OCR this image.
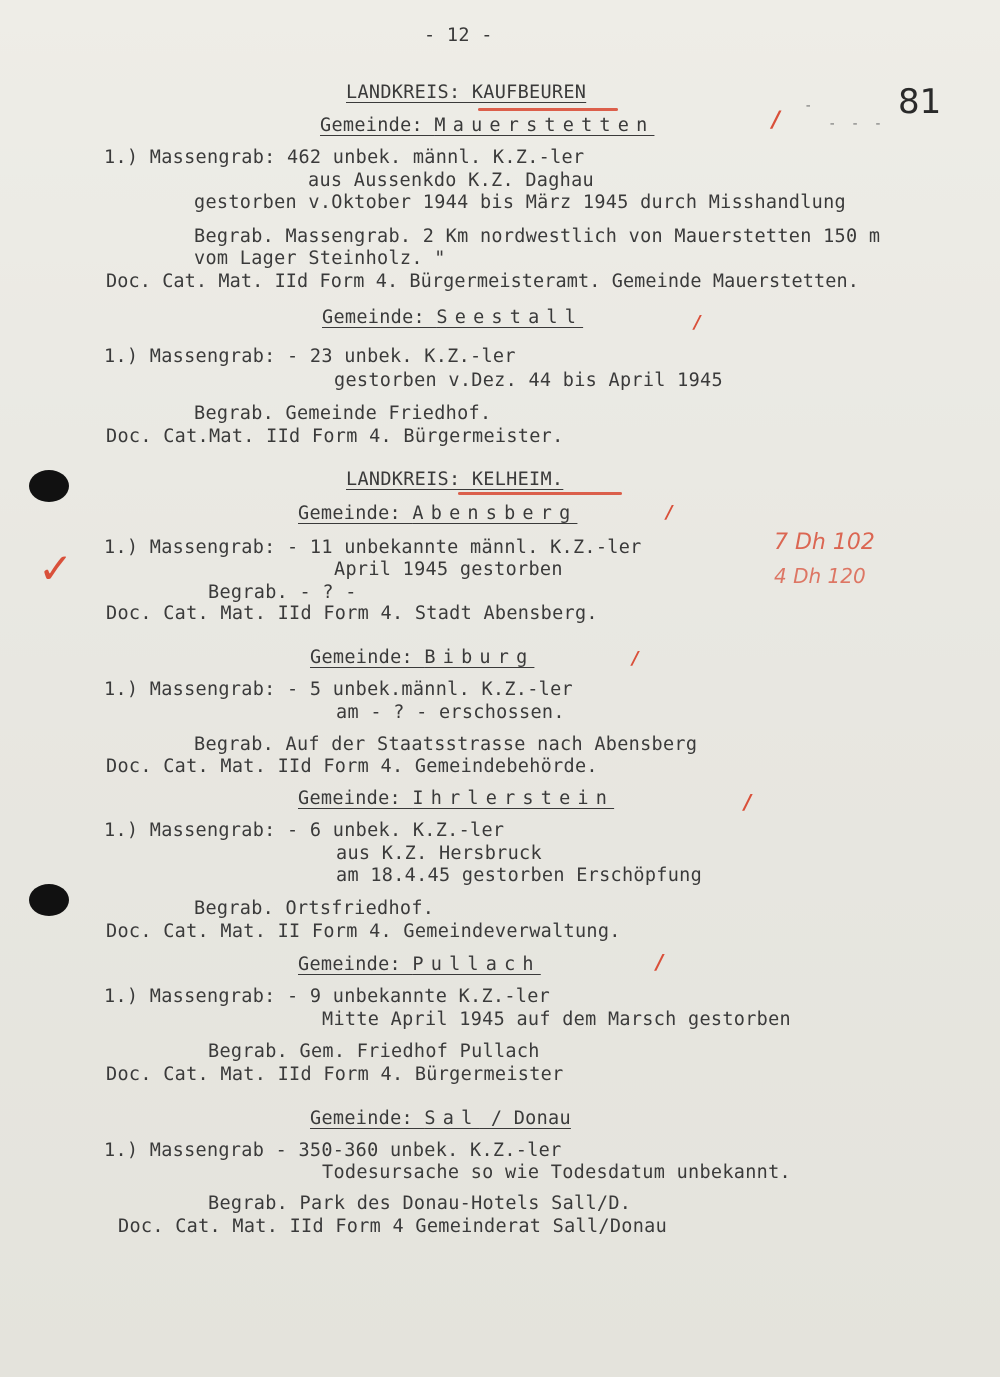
- 12 -
81
-
- - -
LANDKREIS: KAUFBEUREN
Gemeinde: Mauerstetten	/
1.) Massengrab: 462 unbek. männl. K.Z.-ler
aus Aussenkdo K.Z. Daghau
gestorben v.Oktober 1944 bis März 1945 durch Misshandlung
Begrab. Massengrab. 2 Km nordwestlich von Mauerstetten 150 m
vom Lager Steinholz. "
Doc. Cat. Mat. IId Form 4. Bürgermeisteramt. Gemeinde Mauerstetten.
Gemeinde: Seestall	/
1.) Massengrab: - 23 unbek. K.Z.-ler
gestorben v.Dez. 44 bis April 1945
Begrab. Gemeinde Friedhof.
Doc. Cat.Mat. IId Form 4. Bürgermeister.
LANDKREIS: KELHEIM.
Gemeinde: Abensberg	/
✓ 1.) Massengrab: - 11 unbekannte männl. K.Z.-ler
April 1945 gestorben
Begrab. - ? -
Doc. Cat. Mat. IId Form 4. Stadt Abensberg.
7 Dh 102
4 Dh 120
Gemeinde: Biburg	/
1.) Massengrab: - 5 unbek.männl. K.Z.-ler
am - ? - erschossen.
Begrab. Auf der Staatsstrasse nach Abensberg
Doc. Cat. Mat. IId Form 4. Gemeindebehörde.
Gemeinde: Ihrlerstein	/
1.) Massengrab: - 6 unbek. K.Z.-ler
aus K.Z. Hersbruck
am 18.4.45 gestorben Erschöpfung
Begrab. Ortsfriedhof.
Doc. Cat. Mat. II Form 4. Gemeindeverwaltung.
Gemeinde: Pullach	/
1.) Massengrab: - 9 unbekannte K.Z.-ler
Mitte April 1945 auf dem Marsch gestorben
Begrab. Gem. Friedhof Pullach
Doc. Cat. Mat. IId Form 4. Bürgermeister
Gemeinde: Sal / Donau
1.) Massengrab - 350-360 unbek. K.Z.-ler
Todesursache so wie Todesdatum unbekannt.
Begrab. Park des Donau-Hotels Sall/D.
Doc. Cat. Mat. IId Form 4 Gemeinderat Sall/Donau
